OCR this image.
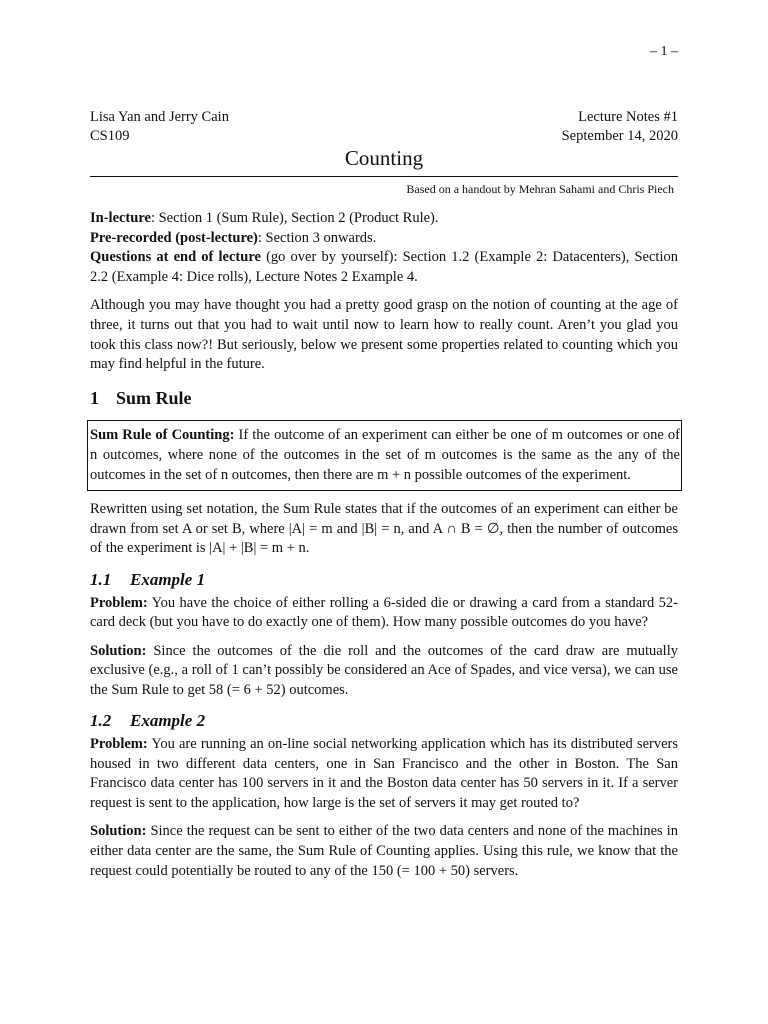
– 1 –
Lisa Yan and Jerry Cain
CS109
Lecture Notes #1
September 14, 2020
Counting
Based on a handout by Mehran Sahami and Chris Piech

In-lecture: Section 1 (Sum Rule), Section 2 (Product Rule).
Pre-recorded (post-lecture): Section 3 onwards.
Questions at end of lecture (go over by yourself): Section 1.2 (Example 2: Datacenters), Section 2.2 (Example 4: Dice rolls), Lecture Notes 2 Example 4.

Although you may have thought you had a pretty good grasp on the notion of counting at the age of three, it turns out that you had to wait until now to learn how to really count. Aren’t you glad you took this class now?! But seriously, below we present some properties related to counting which you may find helpful in the future.

1 Sum Rule

Sum Rule of Counting: If the outcome of an experiment can either be one of m outcomes or one of n outcomes, where none of the outcomes in the set of m outcomes is the same as the any of the outcomes in the set of n outcomes, then there are m + n possible outcomes of the experiment.

Rewritten using set notation, the Sum Rule states that if the outcomes of an experiment can either be drawn from set A or set B, where |A| = m and |B| = n, and A ∩ B = ∅, then the number of outcomes of the experiment is |A| + |B| = m + n.

1.1 Example 1

Problem: You have the choice of either rolling a 6-sided die or drawing a card from a standard 52-card deck (but you have to do exactly one of them). How many possible outcomes do you have?

Solution: Since the outcomes of the die roll and the outcomes of the card draw are mutually exclusive (e.g., a roll of 1 can’t possibly be considered an Ace of Spades, and vice versa), we can use the Sum Rule to get 58 (= 6 + 52) outcomes.

1.2 Example 2

Problem: You are running an on-line social networking application which has its distributed servers housed in two different data centers, one in San Francisco and the other in Boston. The San Francisco data center has 100 servers in it and the Boston data center has 50 servers in it. If a server request is sent to the application, how large is the set of servers it may get routed to?

Solution: Since the request can be sent to either of the two data centers and none of the machines in either data center are the same, the Sum Rule of Counting applies. Using this rule, we know that the request could potentially be routed to any of the 150 (= 100 + 50) servers.
